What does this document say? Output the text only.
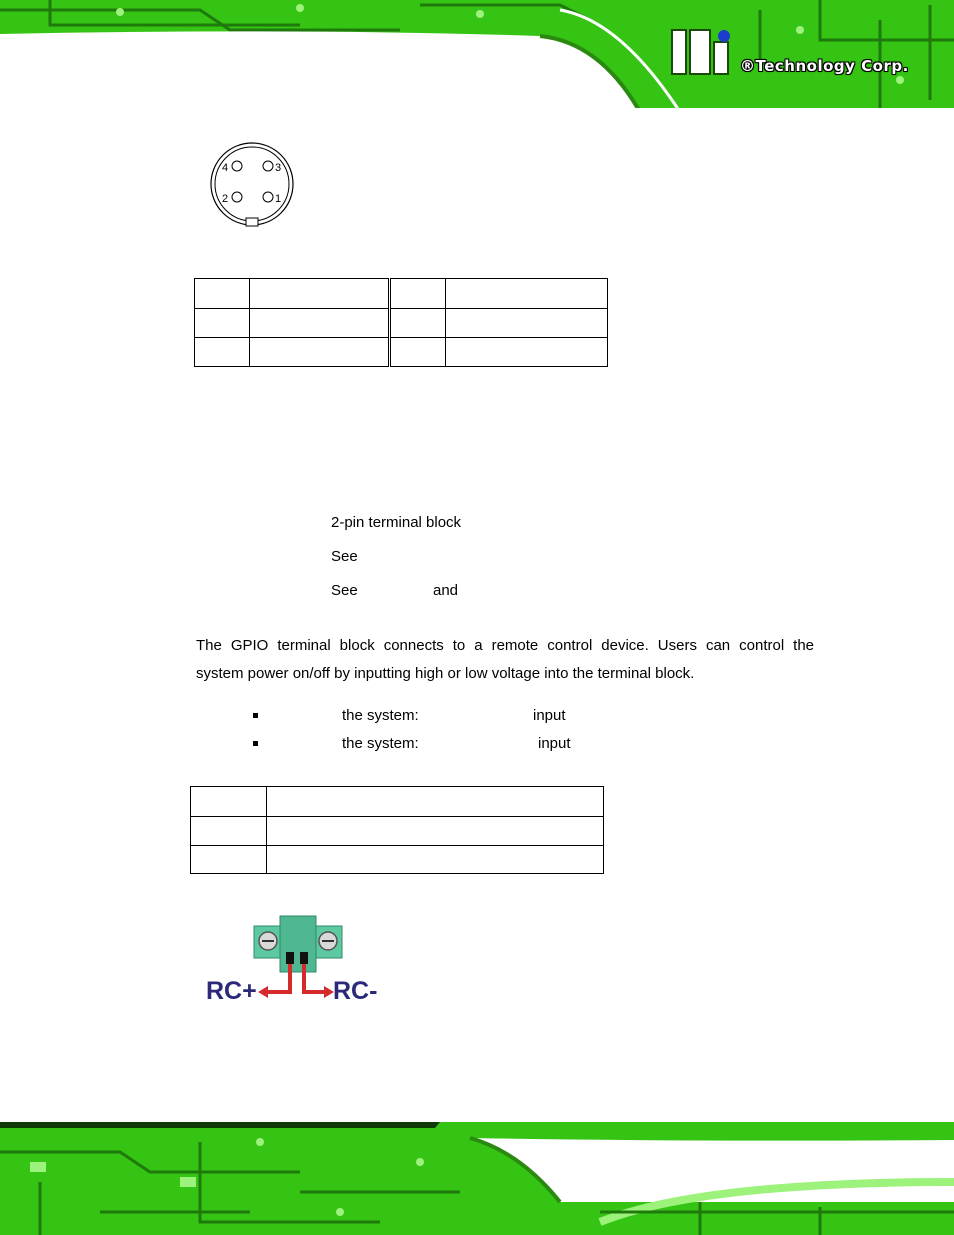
®Technology Corp.
4	3
2	1

2-pin terminal block
See
See	and
The GPIO terminal block connects to a remote control device. Users can control the
system power on/off by inputting high or low voltage into the terminal block.
the system:	input
the system:	input

RC+	RC-
